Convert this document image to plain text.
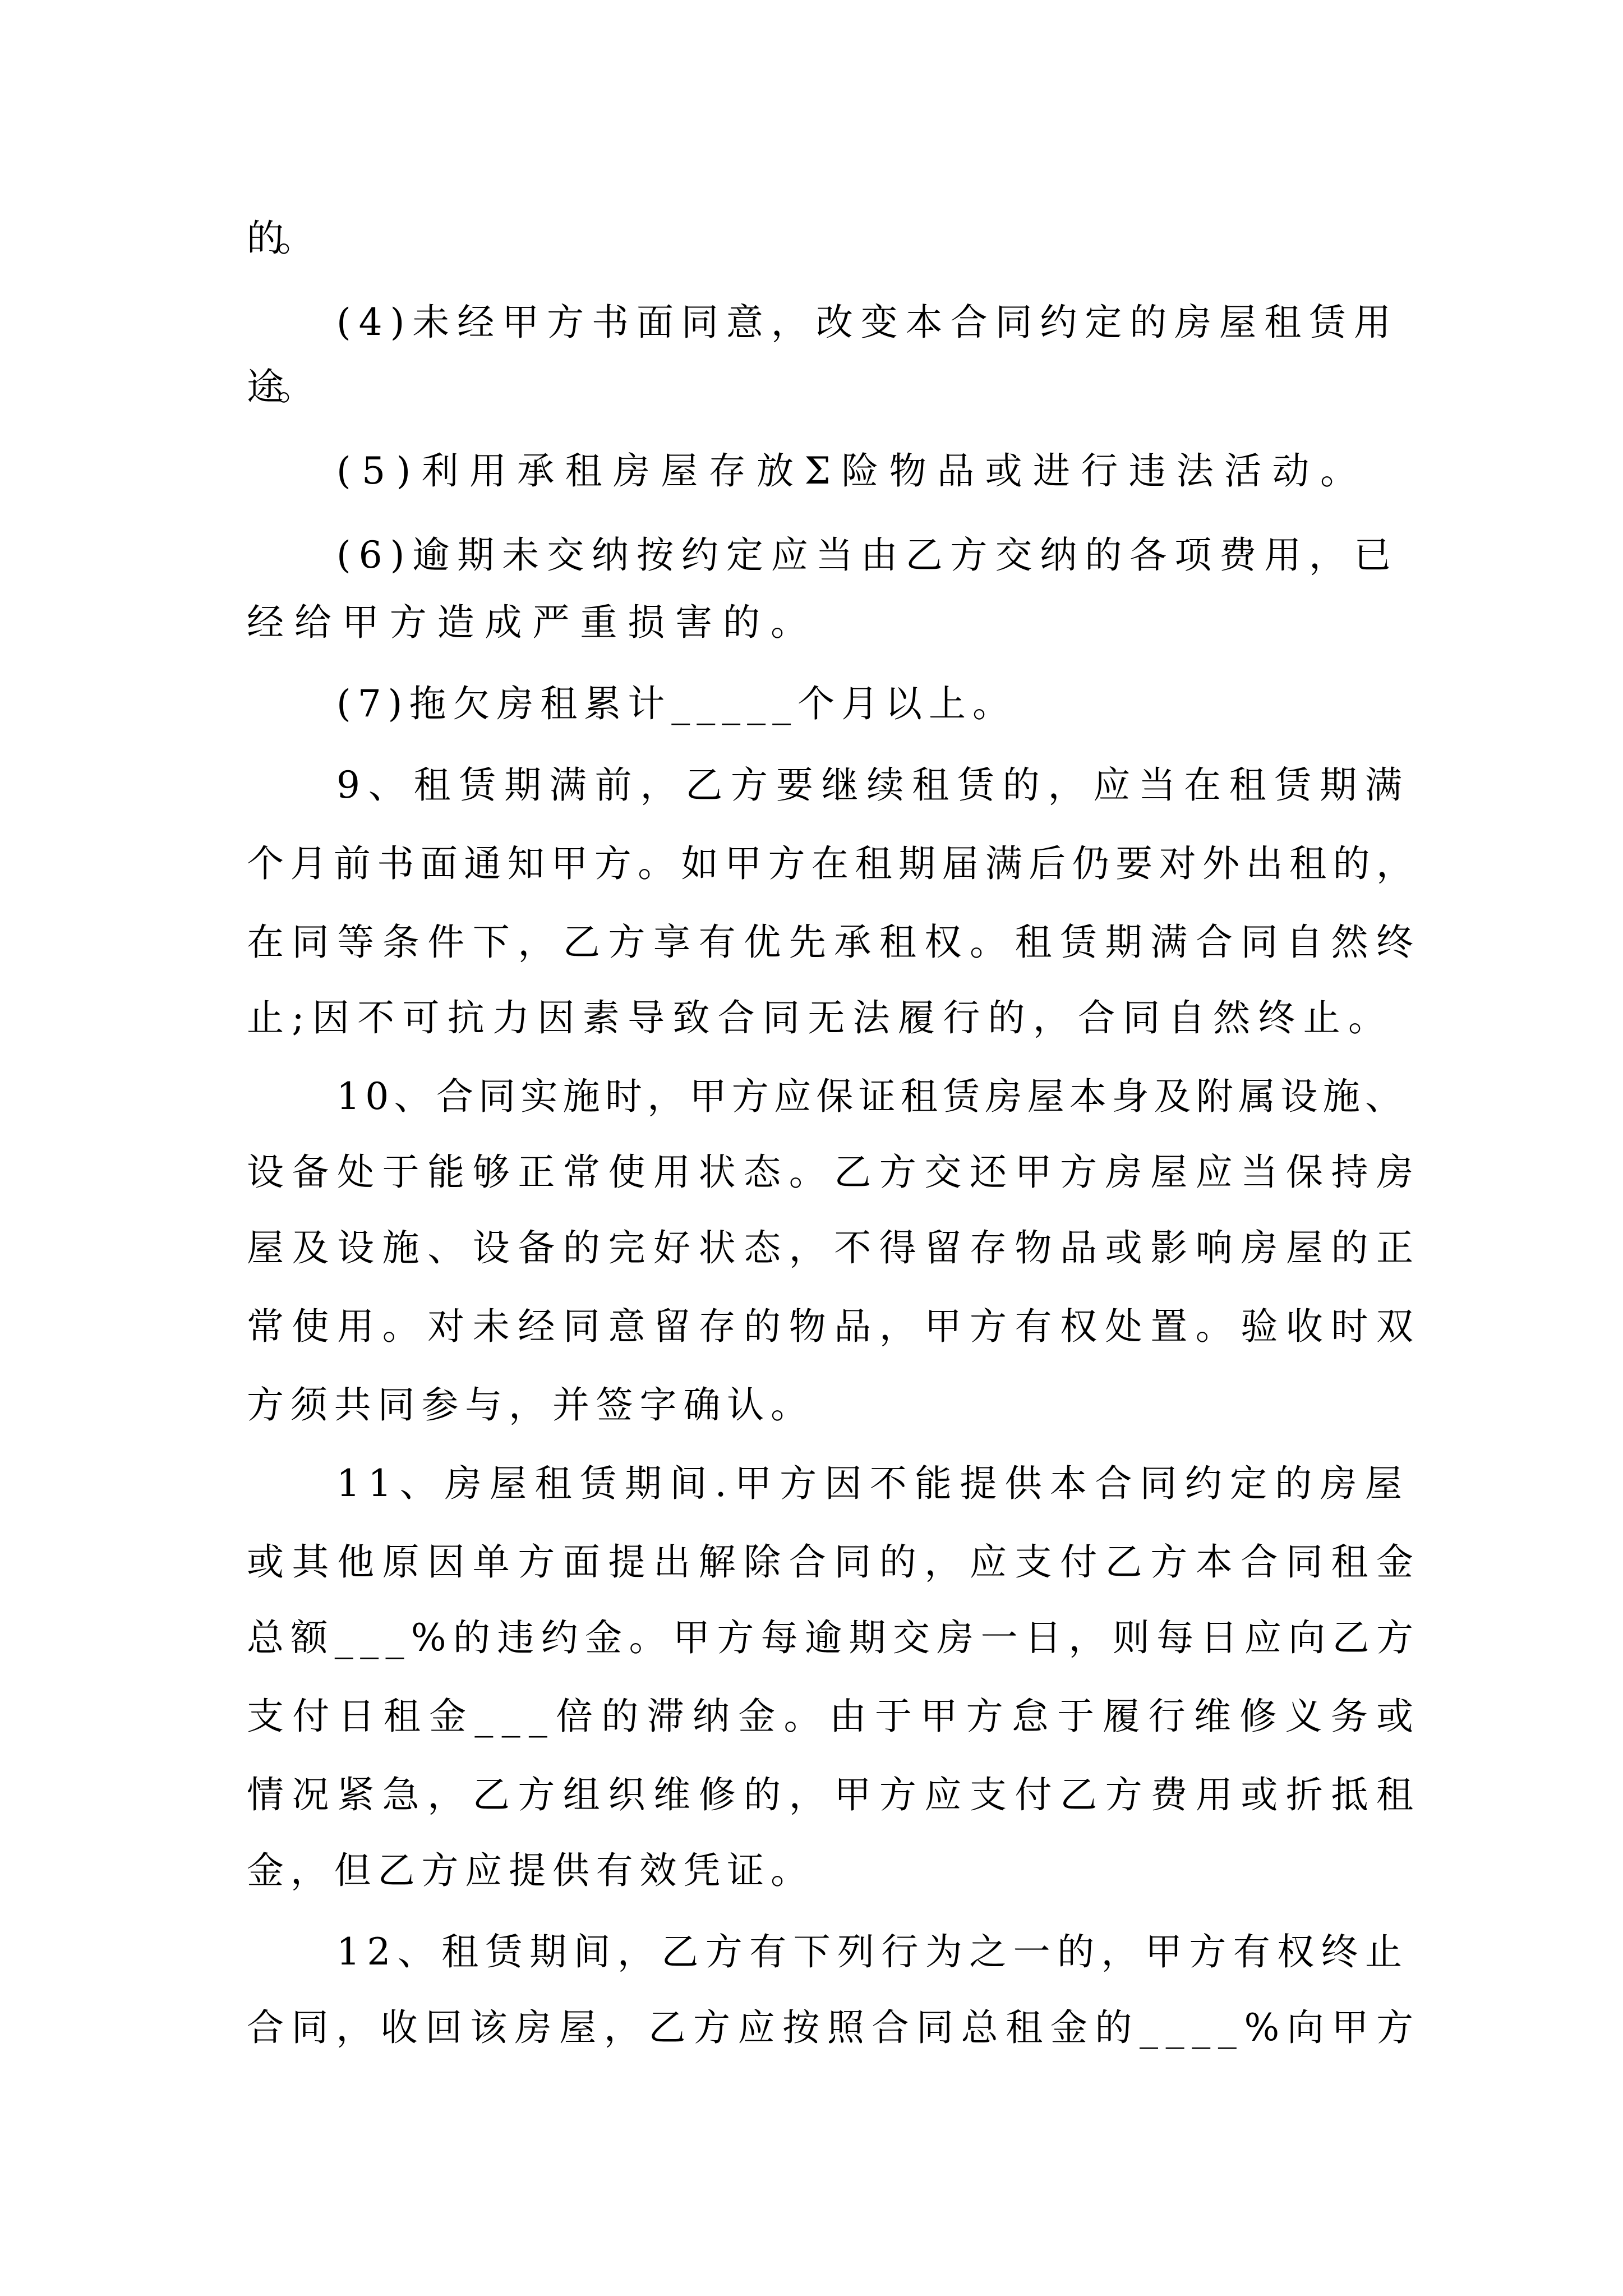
的。
(4)未经甲方书面同意，改变本合同约定的房屋租赁用
途。
(5)利用承租房屋存放Σ险物品或进行违法活动。
(6)逾期未交纳按约定应当由乙方交纳的各项费用，已
经给甲方造成严重损害的。
(7)拖欠房租累计_____个月以上。
9、租赁期满前，乙方要继续租赁的，应当在租赁期满
个月前书面通知甲方。如甲方在租期届满后仍要对外出租的，
在同等条件下，乙方享有优先承租权。租赁期满合同自然终
止;因不可抗力因素导致合同无法履行的，合同自然终止。
10、合同实施时，甲方应保证租赁房屋本身及附属设施、
设备处于能够正常使用状态。乙方交还甲方房屋应当保持房
屋及设施、设备的完好状态，不得留存物品或影响房屋的正
常使用。对未经同意留存的物品，甲方有权处置。验收时双
方须共同参与，并签字确认。
11、房屋租赁期间.甲方因不能提供本合同约定的房屋
或其他原因单方面提出解除合同的，应支付乙方本合同租金
总额___%的违约金。甲方每逾期交房一日，则每日应向乙方
支付日租金___倍的滞纳金。由于甲方怠于履行维修义务或
情况紧急，乙方组织维修的，甲方应支付乙方费用或折抵租
金，但乙方应提供有效凭证。
12、租赁期间，乙方有下列行为之一的，甲方有权终止
合同，收回该房屋，乙方应按照合同总租金的____%向甲方
